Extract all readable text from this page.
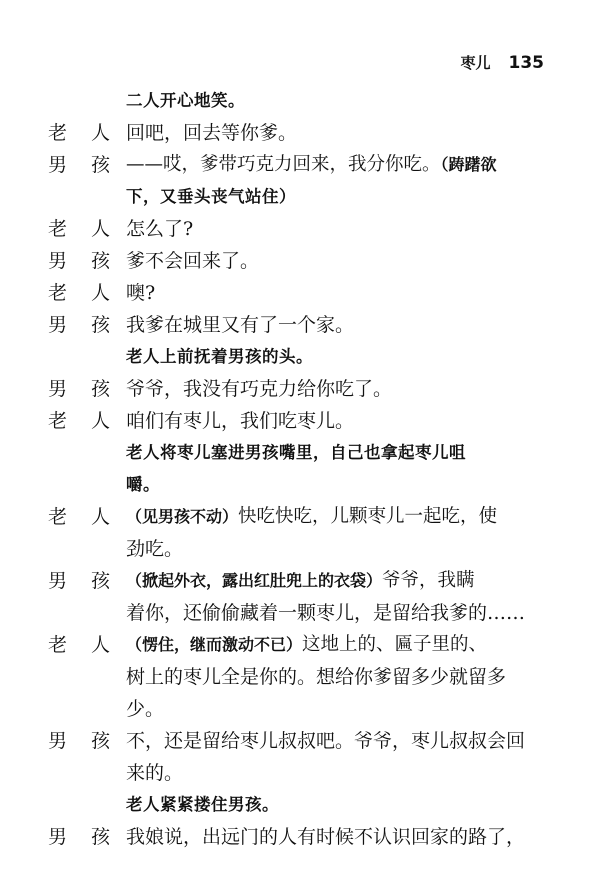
枣儿 135
二人开心地笑。
老 人 回吧，回去等你爹。
男 孩 ——哎，爹带巧克力回来，我分你吃。（踌躇欲
下，又垂头丧气站住）
老 人 怎么了?
男 孩 爹不会回来了。
老 人 噢?
男 孩 我爹在城里又有了一个家。
老人上前抚着男孩的头。
男 孩 爷爷，我没有巧克力给你吃了。
老 人 咱们有枣儿，我们吃枣儿。
老人将枣儿塞进男孩嘴里，自己也拿起枣儿咀
嚼。
老 人 （见男孩不动）快吃快吃，儿颗枣儿一起吃，使
劲吃。
男 孩 （掀起外衣，露出红肚兜上的衣袋）爷爷，我瞒
着你，还偷偷藏着一颗枣儿，是留给我爹的……
老 人 （愣住，继而激动不已）这地上的、匾子里的、
树上的枣儿全是你的。想给你爹留多少就留多
少。
男 孩 不，还是留给枣儿叔叔吧。爷爷，枣儿叔叔会回
来的。
老人紧紧搂住男孩。
男 孩 我娘说，出远门的人有时候不认识回家的路了，
